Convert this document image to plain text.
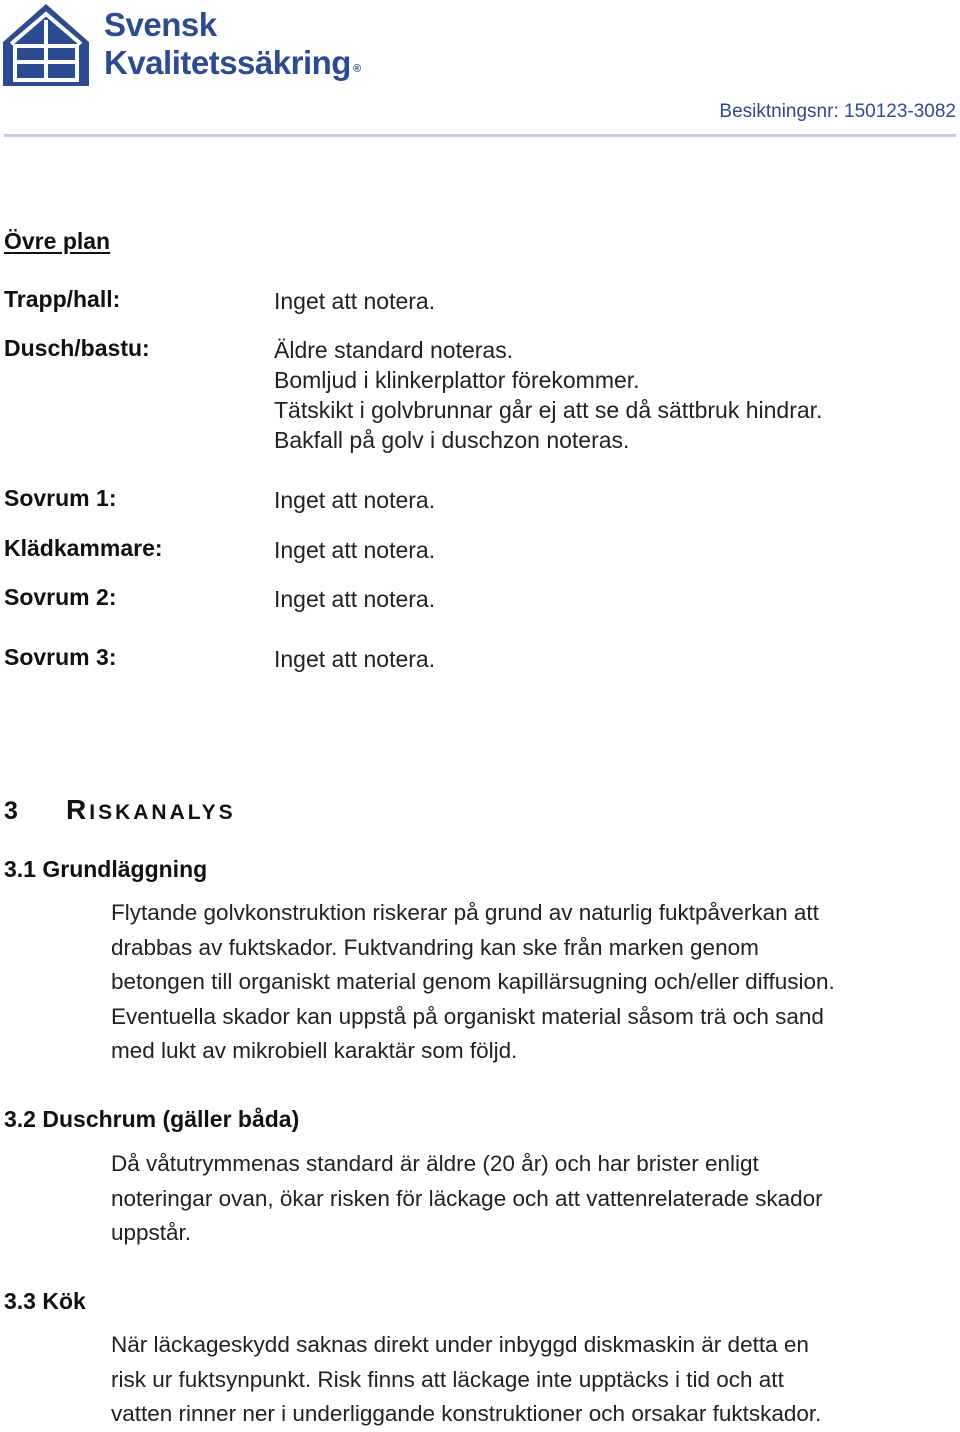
Svensk
Kvalitetssäkring ®
Besiktningsnr: 150123-3082
Övre plan
Trapp/hall:	Inget att notera.
Dusch/bastu:	Äldre standard noteras.
Bomljud i klinkerplattor förekommer.
Tätskikt i golvbrunnar går ej att se då sättbruk hindrar.
Bakfall på golv i duschzon noteras.
Sovrum 1:	Inget att notera.
Klädkammare:	Inget att notera.
Sovrum 2:	Inget att notera.
Sovrum 3:	Inget att notera.
3 RISKANALYS
3.1 Grundläggning
Flytande golvkonstruktion riskerar på grund av naturlig fuktpåverkan att
drabbas av fuktskador. Fuktvandring kan ske från marken genom
betongen till organiskt material genom kapillärsugning och/eller diffusion.
Eventuella skador kan uppstå på organiskt material såsom trä och sand
med lukt av mikrobiell karaktär som följd.
3.2 Duschrum (gäller båda)
Då våtutrymmenas standard är äldre (20 år) och har brister enligt
noteringar ovan, ökar risken för läckage och att vattenrelaterade skador
uppstår.
3.3 Kök
När läckageskydd saknas direkt under inbyggd diskmaskin är detta en
risk ur fuktsynpunkt. Risk finns att läckage inte upptäcks i tid och att
vatten rinner ner i underliggande konstruktioner och orsakar fuktskador.
